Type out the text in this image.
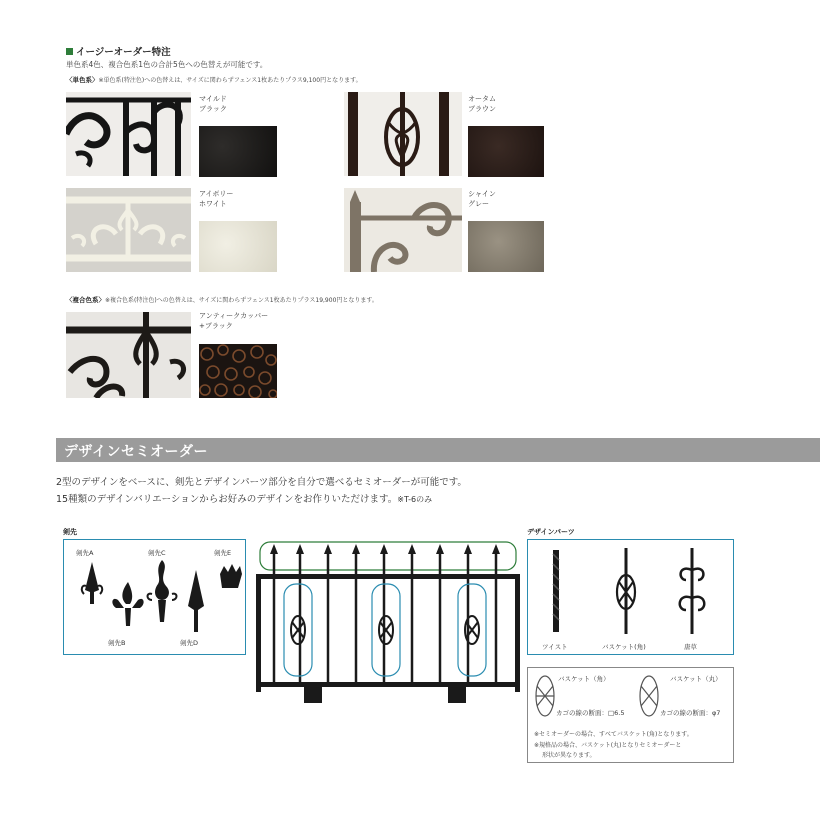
イージーオーダー特注
単色系4色、複合色系1色の合計5色への色替えが可能です。
〈単色系〉※単色系(特注色)への色替えは、サイズに関わらずフェンス1枚あたりプラス9,100円となります。
マイルド
ブラック
オータム
ブラウン
アイボリー
ホワイト
シャイン
グレー
〈複合色系〉※複合色系(特注色)への色替えは、サイズに関わらずフェンス1枚あたりプラス19,900円となります。
アンティークカッパー
+ブラック
デザインセミオーダー
2型のデザインをベースに、剣先とデザインパーツ部分を自分で選べるセミオーダーが可能です。
15種類のデザインバリエーションからお好みのデザインをお作りいただけます。※T-6のみ
剣先
剣先A	剣先C	剣先E
剣先B	剣先D
デザインパーツ
ツイスト	バスケット(角)	唐草
バスケット（角）	バスケット（丸）
カゴの線の断面：□6.5	カゴの線の断面：φ7
※セミオーダーの場合、すべてバスケット(角)となります。
※規格品の場合、バスケット(丸)となりセミオーダーと
形状が異なります。
